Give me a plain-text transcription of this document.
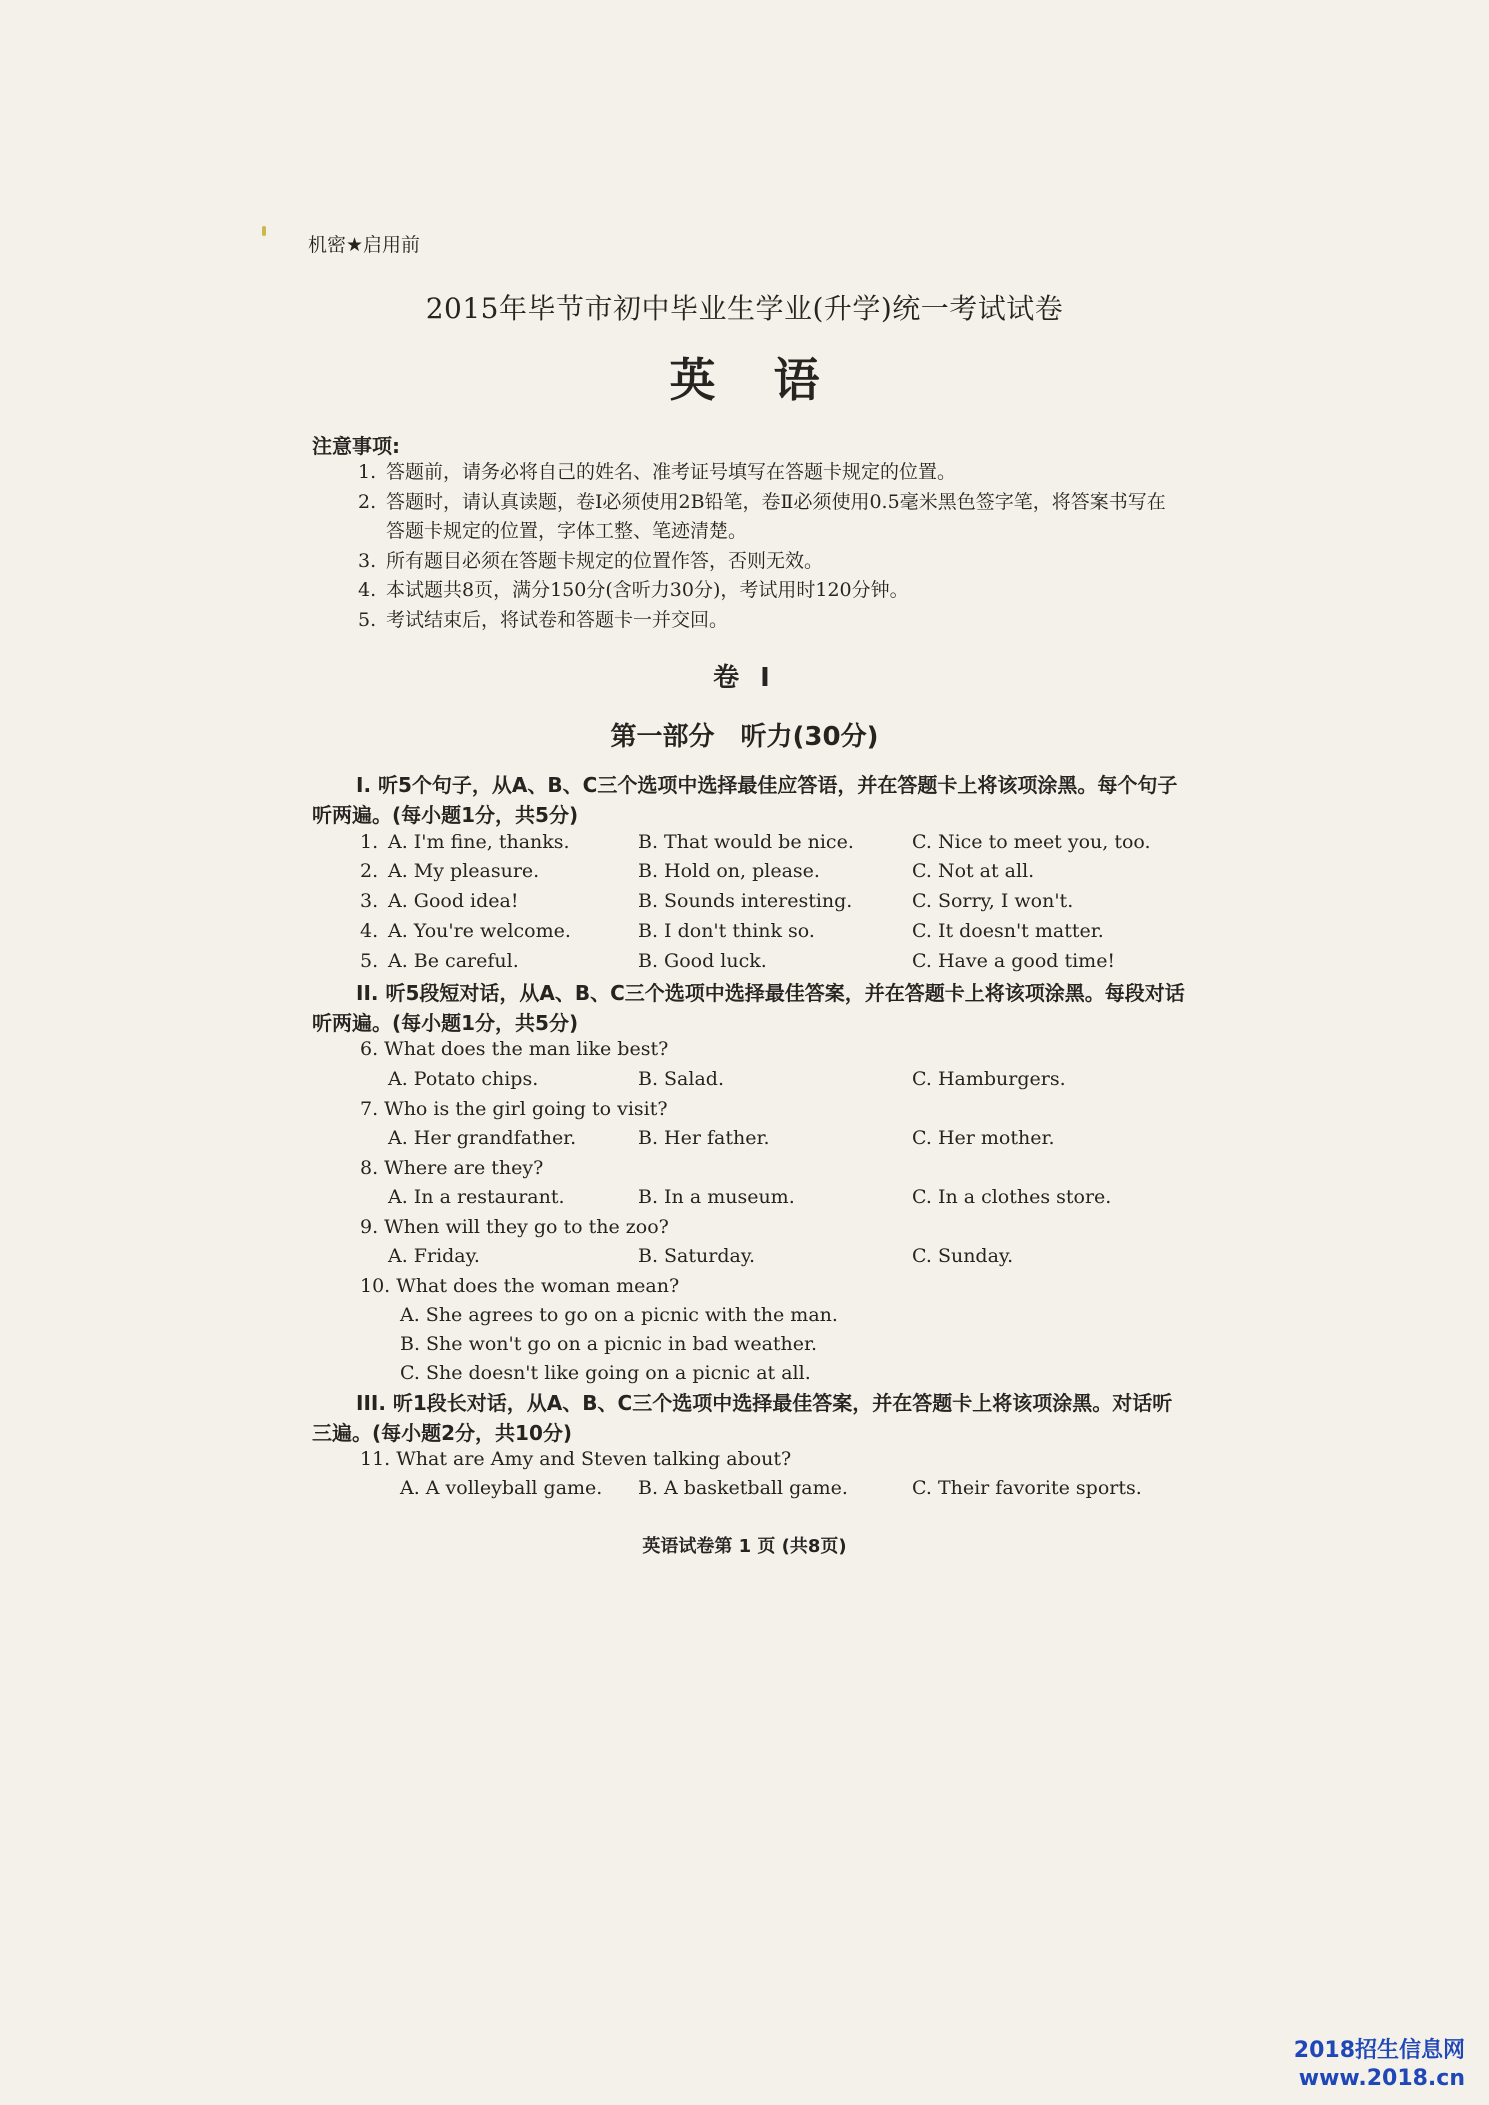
机密★启用前
2015年毕节市初中毕业生学业(升学)统一考试试卷
英语
注意事项:
1. 答题前，请务必将自己的姓名、准考证号填写在答题卡规定的位置。
2. 答题时，请认真读题，卷Ⅰ必须使用2B铅笔，卷Ⅱ必须使用0.5毫米黑色签字笔，将答案书写在答题卡规定的位置，字体工整、笔迹清楚。
3. 所有题目必须在答题卡规定的位置作答，否则无效。
4. 本试题共8页，满分150分(含听力30分)，考试用时120分钟。
5. 考试结束后，将试卷和答题卡一并交回。
卷 I
第一部分　听力(30分)
I. 听5个句子，从A、B、C三个选项中选择最佳应答语，并在答题卡上将该项涂黑。每个句子听两遍。(每小题1分，共5分)
1. A. I'm fine, thanks.	B. That would be nice.	C. Nice to meet you, too.
2. A. My pleasure.	B. Hold on, please.	C. Not at all.
3. A. Good idea!	B. Sounds interesting.	C. Sorry, I won't.
4. A. You're welcome.	B. I don't think so.	C. It doesn't matter.
5. A. Be careful.	B. Good luck.	C. Have a good time!
II. 听5段短对话，从A、B、C三个选项中选择最佳答案，并在答题卡上将该项涂黑。每段对话听两遍。(每小题1分，共5分)
6. What does the man like best?
A. Potato chips.	B. Salad.	C. Hamburgers.
7. Who is the girl going to visit?
A. Her grandfather.	B. Her father.	C. Her mother.
8. Where are they?
A. In a restaurant.	B. In a museum.	C. In a clothes store.
9. When will they go to the zoo?
A. Friday.	B. Saturday.	C. Sunday.
10. What does the woman mean?
A. She agrees to go on a picnic with the man.
B. She won't go on a picnic in bad weather.
C. She doesn't like going on a picnic at all.
III. 听1段长对话，从A、B、C三个选项中选择最佳答案，并在答题卡上将该项涂黑。对话听三遍。(每小题2分，共10分)
11. What are Amy and Steven talking about?
A. A volleyball game. B. A basketball game.	C. Their favorite sports.
英语试卷第 1 页 (共8页)
2018招生信息网
www.2018.cn
